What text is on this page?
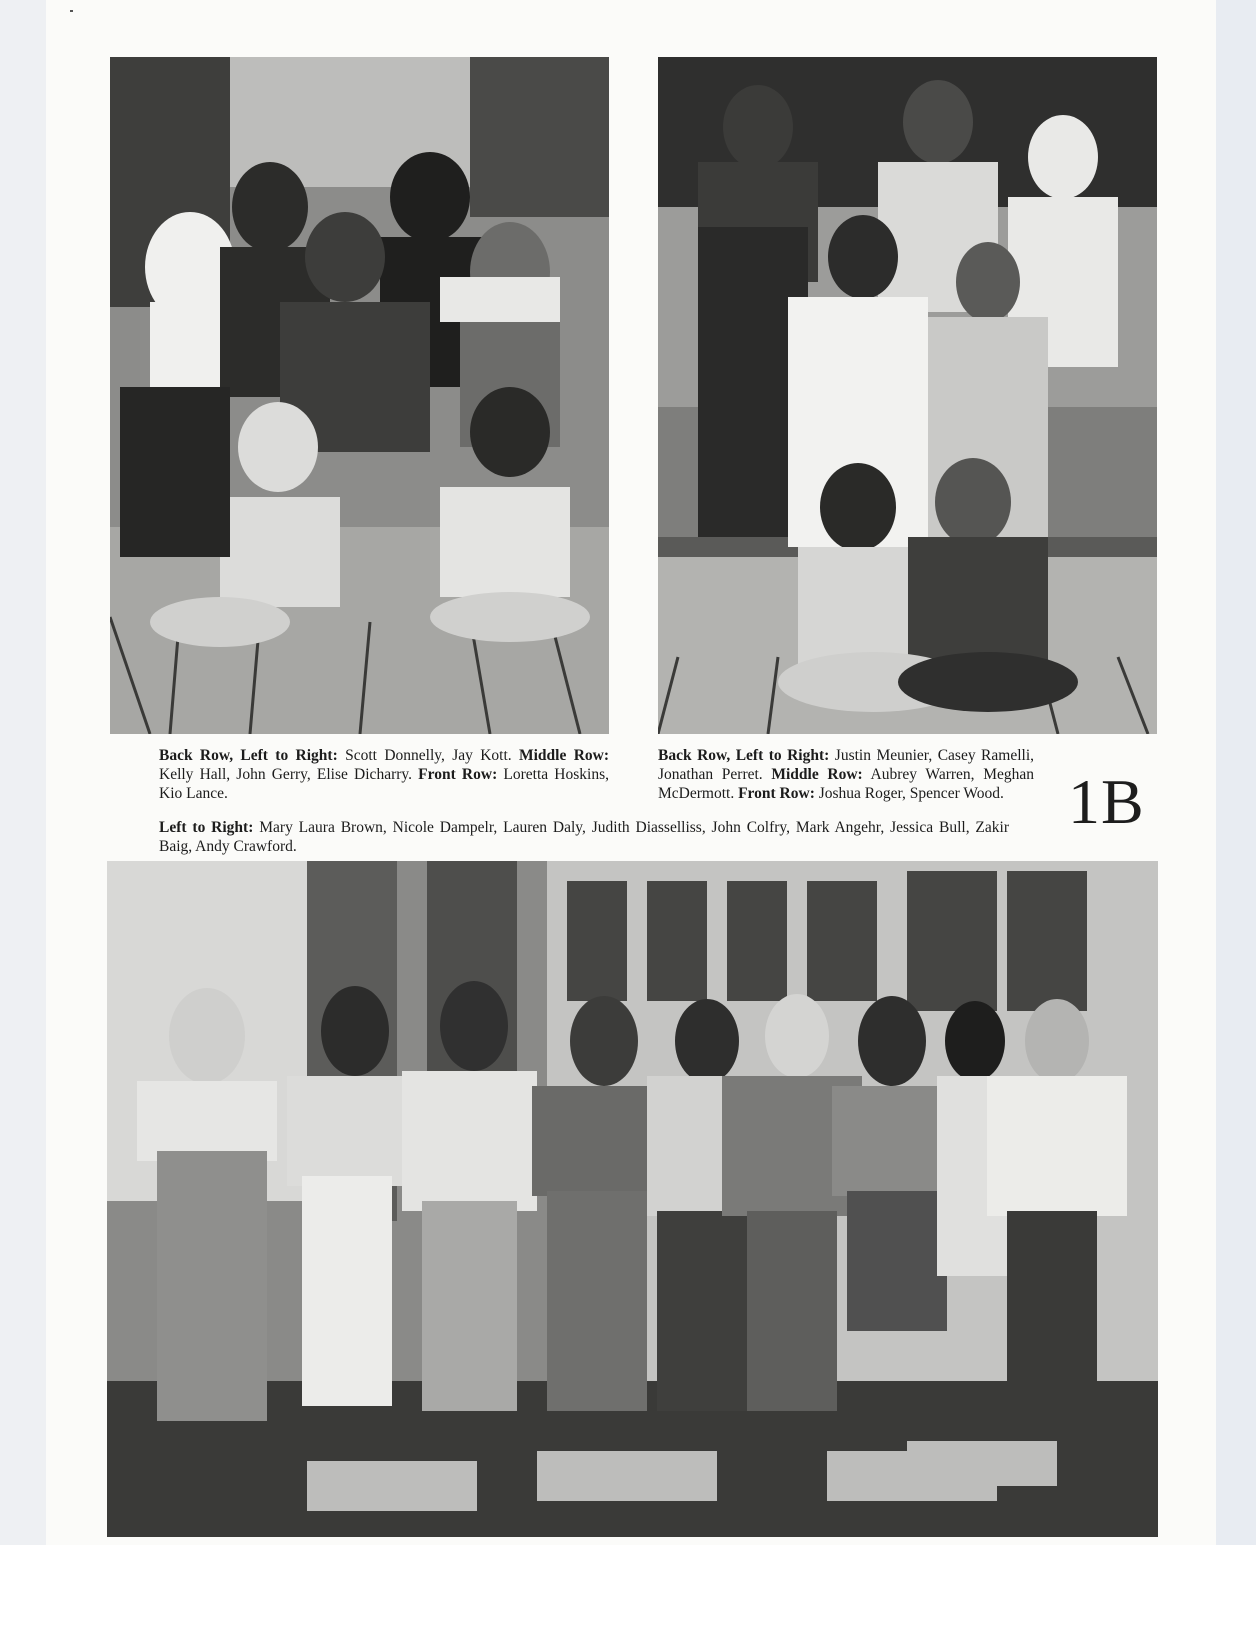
Back Row, Left to Right: Scott Donnelly, Jay Kott. Middle Row: Kelly Hall, John Gerry, Elise Dicharry. Front Row: Loretta Hoskins, Kio Lance.
Back Row, Left to Right: Justin Meunier, Casey Ramelli, Jonathan Perret. Middle Row: Aubrey Warren, Meghan McDermott. Front Row: Joshua Roger, Spencer Wood.	1B
Left to Right: Mary Laura Brown, Nicole Dampelr, Lauren Daly, Judith Diasselliss, John Colfry, Mark Angehr, Jessica Bull, Zakir Baig, Andy Crawford.
